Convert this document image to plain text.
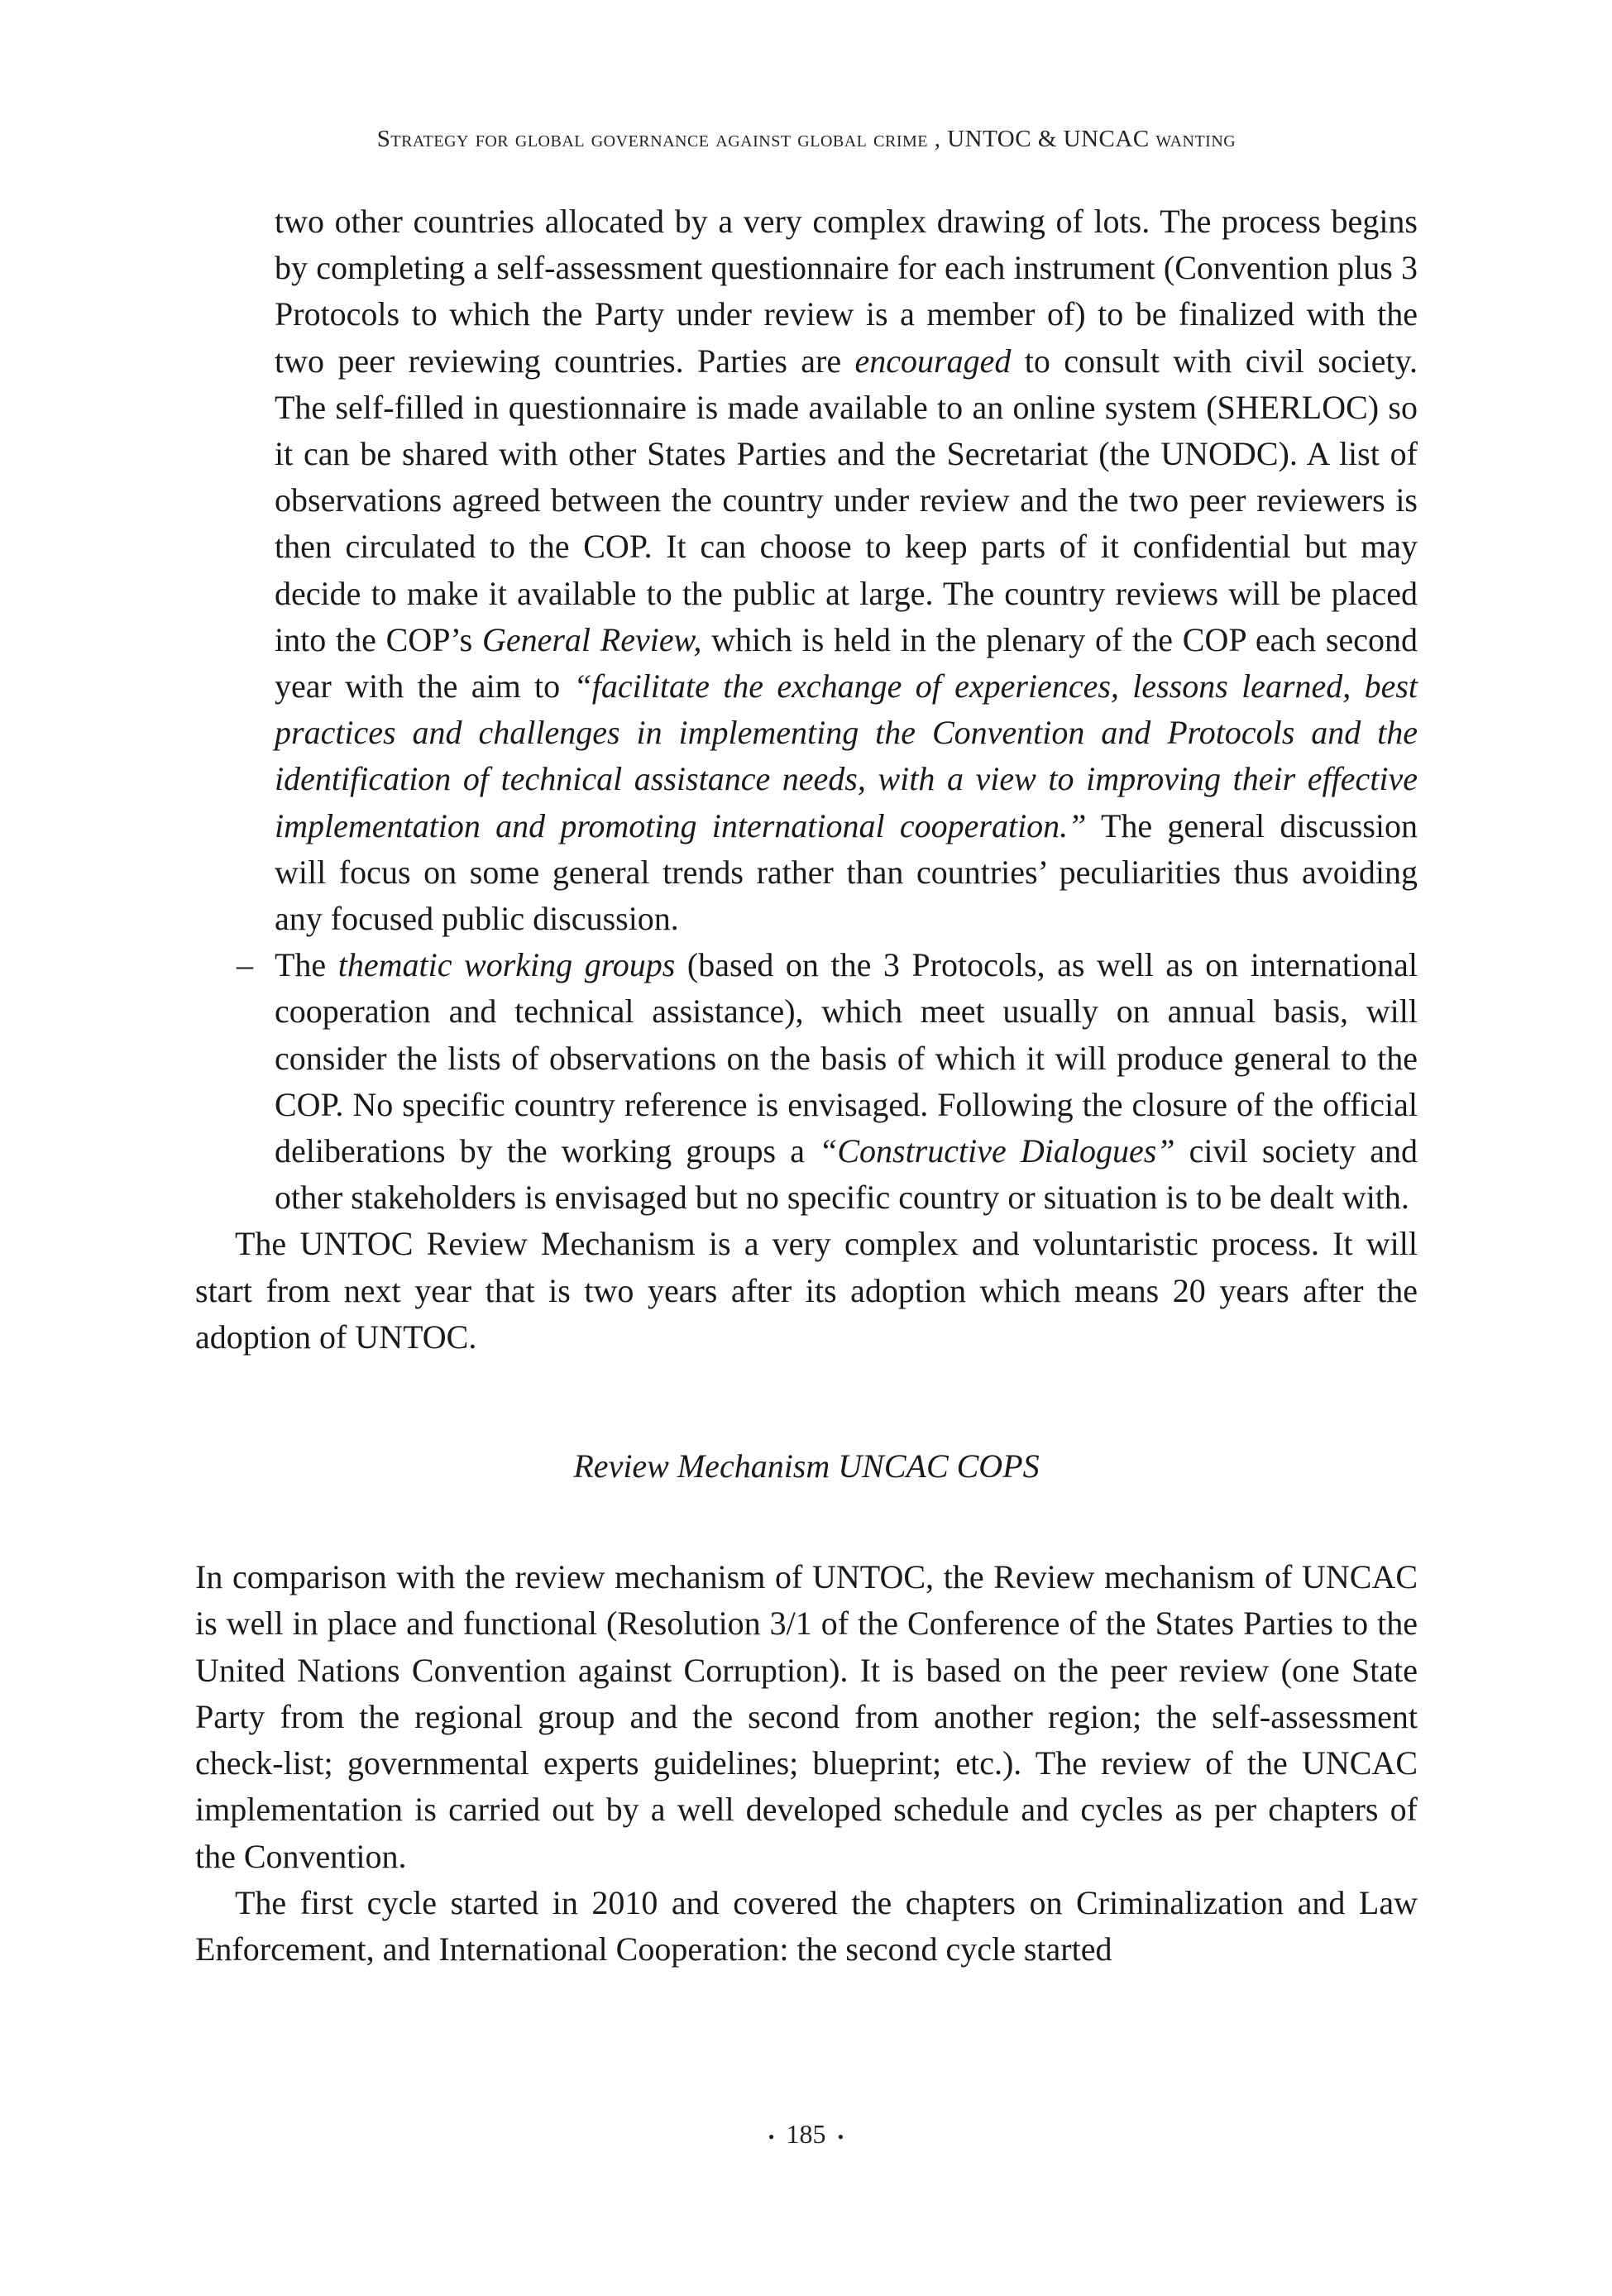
Strategy for global governance against global crime , UNTOC & UNCAC wanting

two other countries allocated by a very complex drawing of lots. The process begins by completing a self-assessment questionnaire for each instrument (Convention plus 3 Protocols to which the Party under review is a member of) to be finalized with the two peer reviewing countries. Parties are encouraged to consult with civil society. The self-filled in questionnaire is made available to an online system (SHERLOC) so it can be shared with other States Parties and the Secretariat (the UNODC). A list of observations agreed between the country under review and the two peer reviewers is then circulated to the COP. It can choose to keep parts of it confidential but may decide to make it available to the public at large. The country reviews will be placed into the COP’s General Review, which is held in the plenary of the COP each second year with the aim to “facilitate the exchange of experiences, lessons learned, best practices and challenges in implementing the Convention and Protocols and the identification of technical assistance needs, with a view to improving their effective implementation and promoting international cooperation.” The general discussion will focus on some general trends rather than countries’ peculiarities thus avoiding any focused public discussion.

– The thematic working groups (based on the 3 Protocols, as well as on international cooperation and technical assistance), which meet usually on annual basis, will consider the lists of observations on the basis of which it will produce general to the COP. No specific country reference is envisaged. Following the closure of the official deliberations by the working groups a “Constructive Dialogues” civil society and other stakeholders is envisaged but no specific country or situation is to be dealt with.

The UNTOC Review Mechanism is a very complex and voluntaristic process. It will start from next year that is two years after its adoption which means 20 years after the adoption of UNTOC.

Review Mechanism UNCAC COPS

In comparison with the review mechanism of UNTOC, the Review mechanism of UNCAC is well in place and functional (Resolution 3/1 of the Conference of the States Parties to the United Nations Convention against Corruption). It is based on the peer review (one State Party from the regional group and the second from another region; the self-assessment check-list; governmental experts guidelines; blueprint; etc.). The review of the UNCAC implementation is carried out by a well developed schedule and cycles as per chapters of the Convention.

The first cycle started in 2010 and covered the chapters on Criminalization and Law Enforcement, and International Cooperation: the second cycle started

• 185 •
